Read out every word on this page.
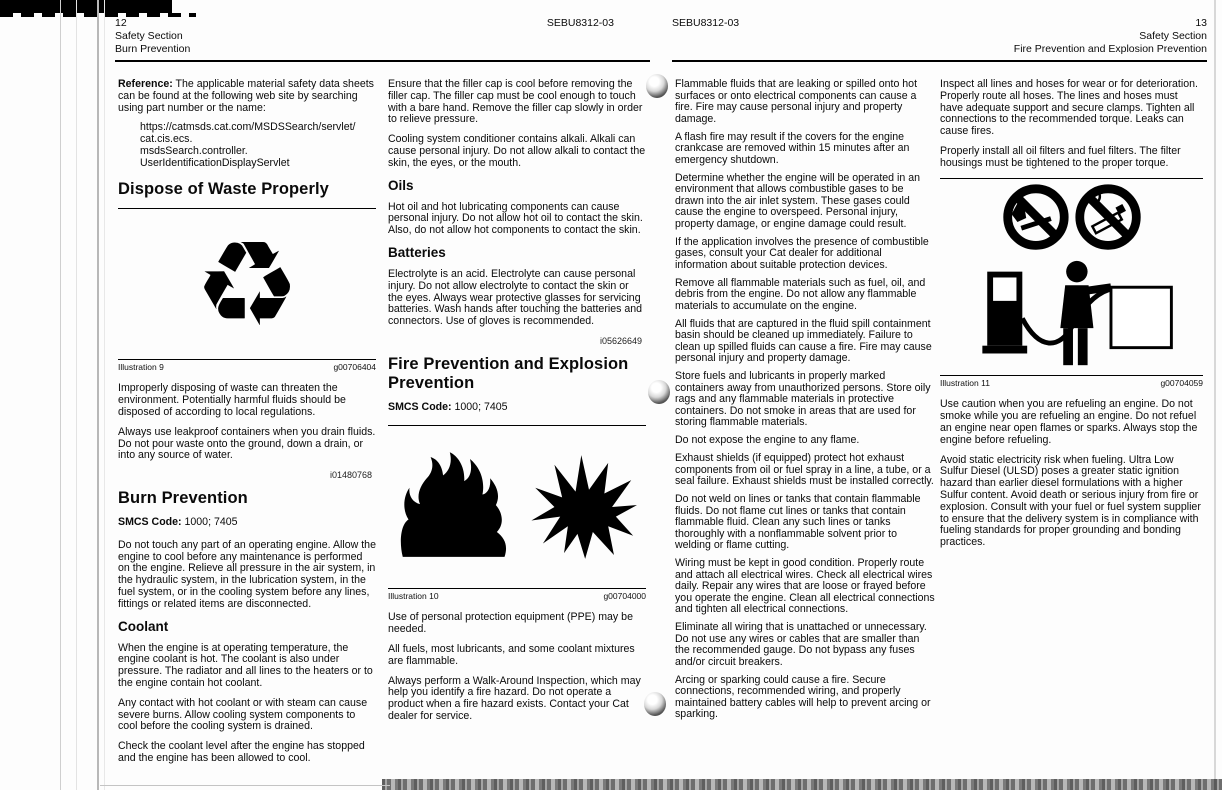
12	SEBU8312-03
Safety Section
Burn Prevention

Reference: The applicable material safety data sheets can be found at the following web site by searching using part number or the name:

https://catmsds.cat.com/MSDSSearch/servlet/
cat.cis.ecs.
msdsSearch.controller.
UserIdentificationDisplayServlet
Dispose of Waste Properly
♻
Illustration 9	g00706404

Improperly disposing of waste can threaten the environment. Potentially harmful fluids should be disposed of according to local regulations.

Always use leakproof containers when you drain fluids. Do not pour waste onto the ground, down a drain, or into any source of water.

i01480768
Burn Prevention

SMCS Code: 1000; 7405

Do not touch any part of an operating engine. Allow the engine to cool before any maintenance is performed on the engine. Relieve all pressure in the air system, in the hydraulic system, in the lubrication system, in the fuel system, or in the cooling system before any lines, fittings or related items are disconnected.

Coolant

When the engine is at operating temperature, the engine coolant is hot. The coolant is also under pressure. The radiator and all lines to the heaters or to the engine contain hot coolant.

Any contact with hot coolant or with steam can cause severe burns. Allow cooling system components to cool before the cooling system is drained.

Check the coolant level after the engine has stopped and the engine has been allowed to cool.

Ensure that the filler cap is cool before removing the filler cap. The filler cap must be cool enough to touch with a bare hand. Remove the filler cap slowly in order to relieve pressure.

Cooling system conditioner contains alkali. Alkali can cause personal injury. Do not allow alkali to contact the skin, the eyes, or the mouth.

Oils

Hot oil and hot lubricating components can cause personal injury. Do not allow hot oil to contact the skin. Also, do not allow hot components to contact the skin.

Batteries

Electrolyte is an acid. Electrolyte can cause personal injury. Do not allow electrolyte to contact the skin or the eyes. Always wear protective glasses for servicing batteries. Wash hands after touching the batteries and connectors. Use of gloves is recommended.

i05626649
Fire Prevention and Explosion Prevention

SMCS Code: 1000; 7405

Illustration 10	g00704000

Use of personal protection equipment (PPE) may be needed.

All fuels, most lubricants, and some coolant mixtures are flammable.

Always perform a Walk-Around Inspection, which may help you identify a fire hazard. Do not operate a product when a fire hazard exists. Contact your Cat dealer for service.

SEBU8312-03	13
Safety Section
Fire Prevention and Explosion Prevention

Flammable fluids that are leaking or spilled onto hot surfaces or onto electrical components can cause a fire. Fire may cause personal injury and property damage.

A flash fire may result if the covers for the engine crankcase are removed within 15 minutes after an emergency shutdown.

Determine whether the engine will be operated in an environment that allows combustible gases to be drawn into the air inlet system. These gases could cause the engine to overspeed. Personal injury, property damage, or engine damage could result.

If the application involves the presence of combustible gases, consult your Cat dealer for additional information about suitable protection devices.

Remove all flammable materials such as fuel, oil, and debris from the engine. Do not allow any flammable materials to accumulate on the engine.

All fluids that are captured in the fluid spill containment basin should be cleaned up immediately. Failure to clean up spilled fluids can cause a fire. Fire may cause personal injury and property damage.

Store fuels and lubricants in properly marked containers away from unauthorized persons. Store oily rags and any flammable materials in protective containers. Do not smoke in areas that are used for storing flammable materials.

Do not expose the engine to any flame.

Exhaust shields (if equipped) protect hot exhaust components from oil or fuel spray in a line, a tube, or a seal failure. Exhaust shields must be installed correctly.

Do not weld on lines or tanks that contain flammable fluids. Do not flame cut lines or tanks that contain flammable fluid. Clean any such lines or tanks thoroughly with a nonflammable solvent prior to welding or flame cutting.

Wiring must be kept in good condition. Properly route and attach all electrical wires. Check all electrical wires daily. Repair any wires that are loose or frayed before you operate the engine. Clean all electrical connections and tighten all electrical connections.

Eliminate all wiring that is unattached or unnecessary. Do not use any wires or cables that are smaller than the recommended gauge. Do not bypass any fuses and/or circuit breakers.

Arcing or sparking could cause a fire. Secure connections, recommended wiring, and properly maintained battery cables will help to prevent arcing or sparking.

Inspect all lines and hoses for wear or for deterioration. Properly route all hoses. The lines and hoses must have adequate support and secure clamps. Tighten all connections to the recommended torque. Leaks can cause fires.

Properly install all oil filters and fuel filters. The filter housings must be tightened to the proper torque.

Illustration 11	g00704059

Use caution when you are refueling an engine. Do not smoke while you are refueling an engine. Do not refuel an engine near open flames or sparks. Always stop the engine before refueling.

Avoid static electricity risk when fueling. Ultra Low Sulfur Diesel (ULSD) poses a greater static ignition hazard than earlier diesel formulations with a higher Sulfur content. Avoid death or serious injury from fire or explosion. Consult with your fuel or fuel system supplier to ensure that the delivery system is in compliance with fueling standards for proper grounding and bonding practices.
